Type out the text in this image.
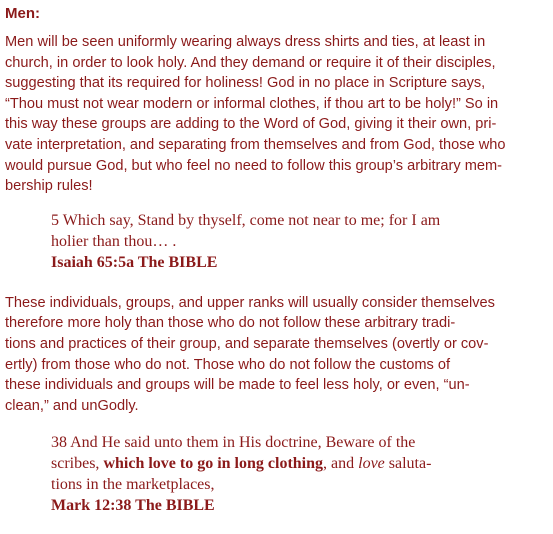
Men:

Men will be seen uniformly wearing always dress shirts and ties, at least in
church, in order to look holy. And they demand or require it of their disciples,
suggesting that its required for holiness! God in no place in Scripture says,
“Thou must not wear modern or informal clothes, if thou art to be holy!” So in
this way these groups are adding to the Word of God, giving it their own, pri-
vate interpretation, and separating from themselves and from God, those who
would pursue God, but who feel no need to follow this group’s arbitrary mem-
bership rules!

5 Which say, Stand by thyself, come not near to me; for I am
holier than thou… .
Isaiah 65:5a The BIBLE

These individuals, groups, and upper ranks will usually consider themselves
therefore more holy than those who do not follow these arbitrary tradi-
tions and practices of their group, and separate themselves (overtly or cov-
ertly) from those who do not. Those who do not follow the customs of
these individuals and groups will be made to feel less holy, or even, “un-
clean,” and unGodly.

38 And He said unto them in His doctrine, Beware of the
scribes, which love to go in long clothing, and love saluta-
tions in the marketplaces,
Mark 12:38 The BIBLE
